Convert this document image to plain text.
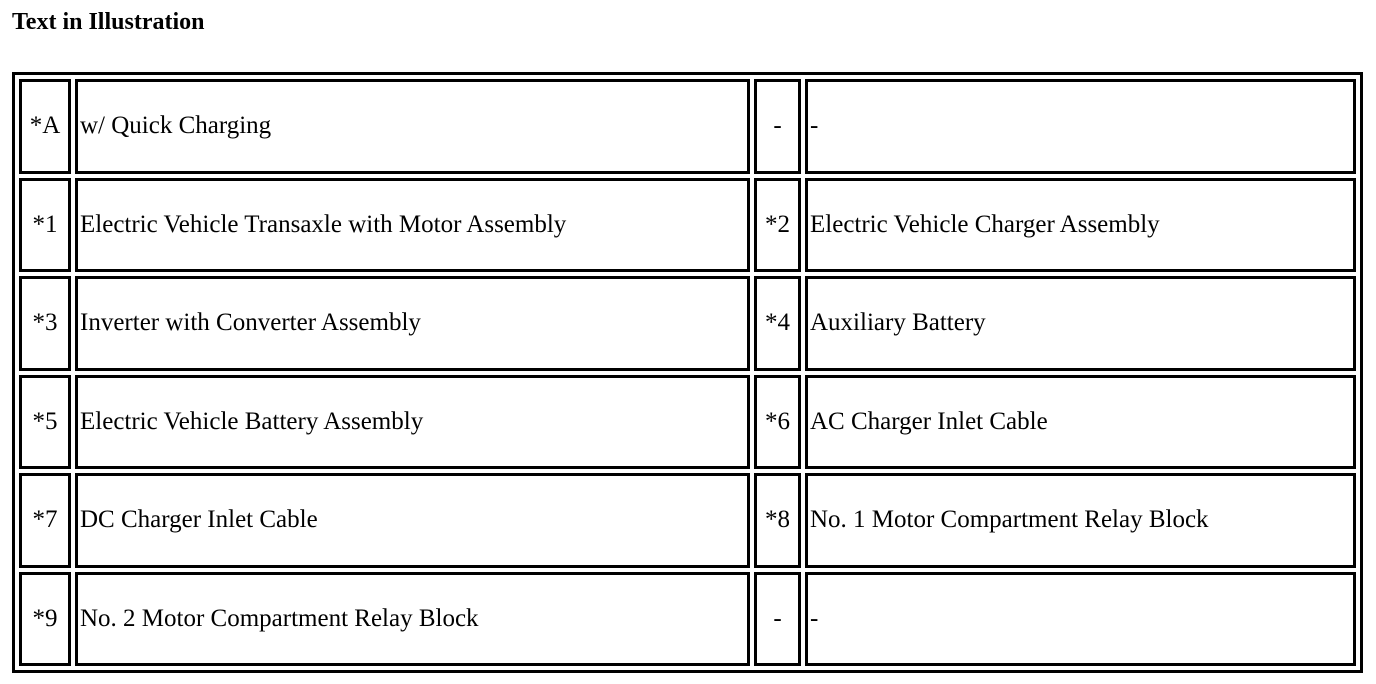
Text in Illustration
*A	w/ Quick Charging	-	-
*1	Electric Vehicle Transaxle with Motor Assembly	*2	Electric Vehicle Charger Assembly
*3	Inverter with Converter Assembly	*4	Auxiliary Battery
*5	Electric Vehicle Battery Assembly	*6	AC Charger Inlet Cable
*7	DC Charger Inlet Cable	*8	No. 1 Motor Compartment Relay Block
*9	No. 2 Motor Compartment Relay Block	-	-
